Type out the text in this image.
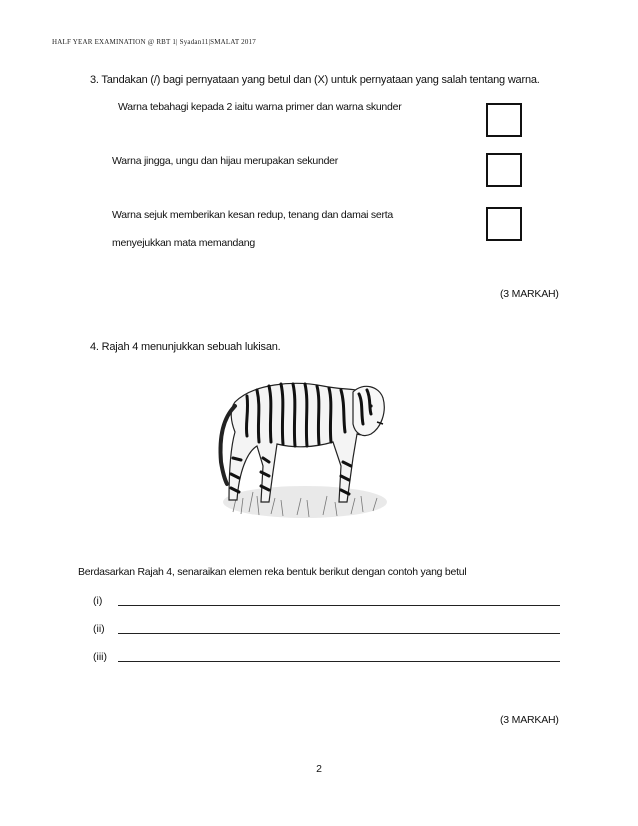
HALF YEAR EXAMINATION @ RBT 1| Syadan11|SMALAT 2017
3. Tandakan (/) bagi pernyataan yang betul dan (X) untuk pernyataan yang salah tentang warna.
Warna tebahagi kepada 2 iaitu warna primer dan warna skunder
Warna jingga, ungu dan hijau merupakan sekunder
Warna sejuk memberikan kesan redup, tenang dan damai serta
menyejukkan mata memandang
(3 MARKAH)
4. Rajah 4 menunjukkan sebuah lukisan.
Berdasarkan Rajah 4, senaraikan elemen reka bentuk berikut dengan contoh yang betul
(i)
(ii)
(iii)
(3 MARKAH)
2
